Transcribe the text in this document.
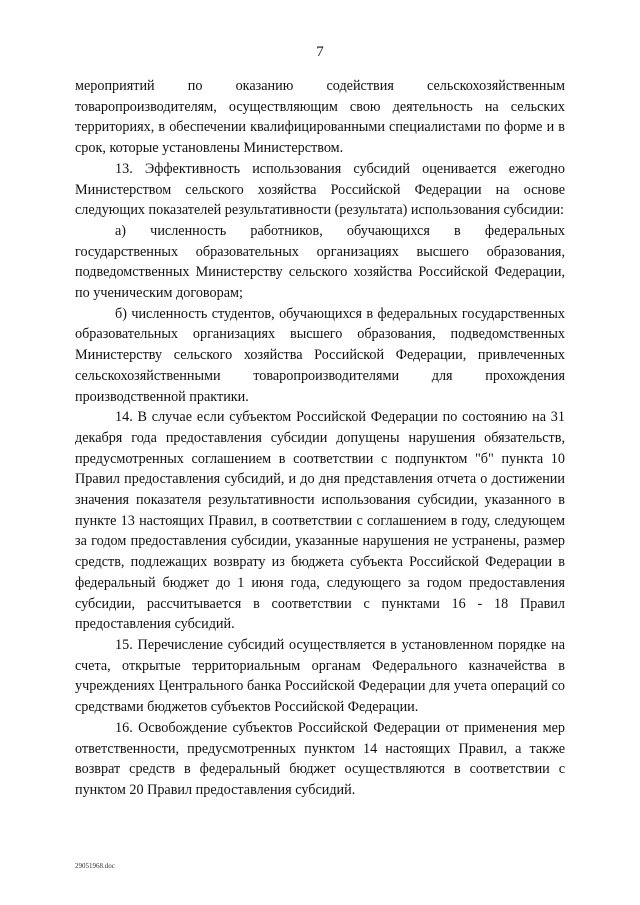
7

мероприятий по оказанию содействия сельскохозяйственным товаропроизводителям, осуществляющим свою деятельность на сельских территориях, в обеспечении квалифицированными специалистами по форме и в срок, которые установлены Министерством.

13. Эффективность использования субсидий оценивается ежегодно Министерством сельского хозяйства Российской Федерации на основе следующих показателей результативности (результата) использования субсидии:

а) численность работников, обучающихся в федеральных государственных образовательных организациях высшего образования, подведомственных Министерству сельского хозяйства Российской Федерации, по ученическим договорам;

б) численность студентов, обучающихся в федеральных государственных образовательных организациях высшего образования, подведомственных Министерству сельского хозяйства Российской Федерации, привлеченных сельскохозяйственными товаропроизводителями для прохождения производственной практики.

14. В случае если субъектом Российской Федерации по состоянию на 31 декабря года предоставления субсидии допущены нарушения обязательств, предусмотренных соглашением в соответствии с подпунктом "б" пункта 10 Правил предоставления субсидий, и до дня представления отчета о достижении значения показателя результативности использования субсидии, указанного в пункте 13 настоящих Правил, в соответствии с соглашением в году, следующем за годом предоставления субсидии, указанные нарушения не устранены, размер средств, подлежащих возврату из бюджета субъекта Российской Федерации в федеральный бюджет до 1 июня года, следующего за годом предоставления субсидии, рассчитывается в соответствии с пунктами 16 - 18 Правил предоставления субсидий.

15. Перечисление субсидий осуществляется в установленном порядке на счета, открытые территориальным органам Федерального казначейства в учреждениях Центрального банка Российской Федерации для учета операций со средствами бюджетов субъектов Российской Федерации.

16. Освобождение субъектов Российской Федерации от применения мер ответственности, предусмотренных пунктом 14 настоящих Правил, а также возврат средств в федеральный бюджет осуществляются в соответствии с пунктом 20 Правил предоставления субсидий.

29051968.doc
